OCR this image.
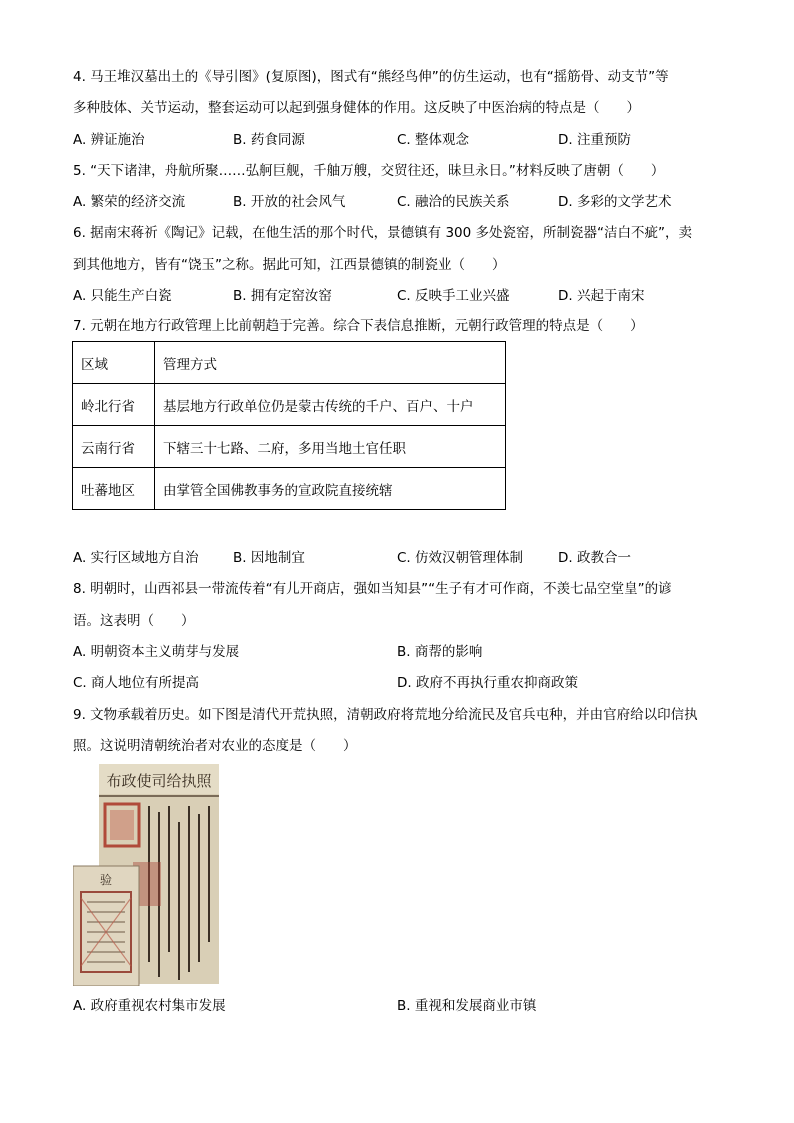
4. 马王堆汉墓出土的《导引图》(复原图)，图式有“熊经鸟伸”的仿生运动，也有“摇筋骨、动支节”等
多种肢体、关节运动，整套运动可以起到强身健体的作用。这反映了中医治病的特点是（　　）
A. 辨证施治	B. 药食同源	C. 整体观念	D. 注重预防
5. “天下诸津，舟航所聚……弘舸巨舰，千舳万艘，交贸往还，昧旦永日。”材料反映了唐朝（　　）
A. 繁荣的经济交流	B. 开放的社会风气	C. 融洽的民族关系	D. 多彩的文学艺术
6. 据南宋蒋祈《陶记》记载，在他生活的那个时代，景德镇有 300 多处瓷窑，所制瓷器“洁白不疵”，卖
到其他地方，皆有“饶玉”之称。据此可知，江西景德镇的制瓷业（　　）
A. 只能生产白瓷	B. 拥有定窑汝窑	C. 反映手工业兴盛	D. 兴起于南宋
7. 元朝在地方行政管理上比前朝趋于完善。综合下表信息推断，元朝行政管理的特点是（　　）
区域	管理方式
岭北行省	基层地方行政单位仍是蒙古传统的千户、百户、十户
云南行省	下辖三十七路、二府，多用当地土官任职
吐蕃地区	由掌管全国佛教事务的宣政院直接统辖
A. 实行区域地方自治	B. 因地制宜	C. 仿效汉朝管理体制	D. 政教合一
8. 明朝时，山西祁县一带流传着“有儿开商店，强如当知县”“生子有才可作商，不羡七品空堂皇”的谚
语。这表明（　　）
A. 明朝资本主义萌芽与发展	B. 商帮的影响
C. 商人地位有所提高	D. 政府不再执行重农抑商政策
9. 文物承载着历史。如下图是清代开荒执照，清朝政府将荒地分给流民及官兵屯种，并由官府给以印信执
照。这说明清朝统治者对农业的态度是（　　）
布政使司给执照
验
A. 政府重视农村集市发展	B. 重视和发展商业市镇
